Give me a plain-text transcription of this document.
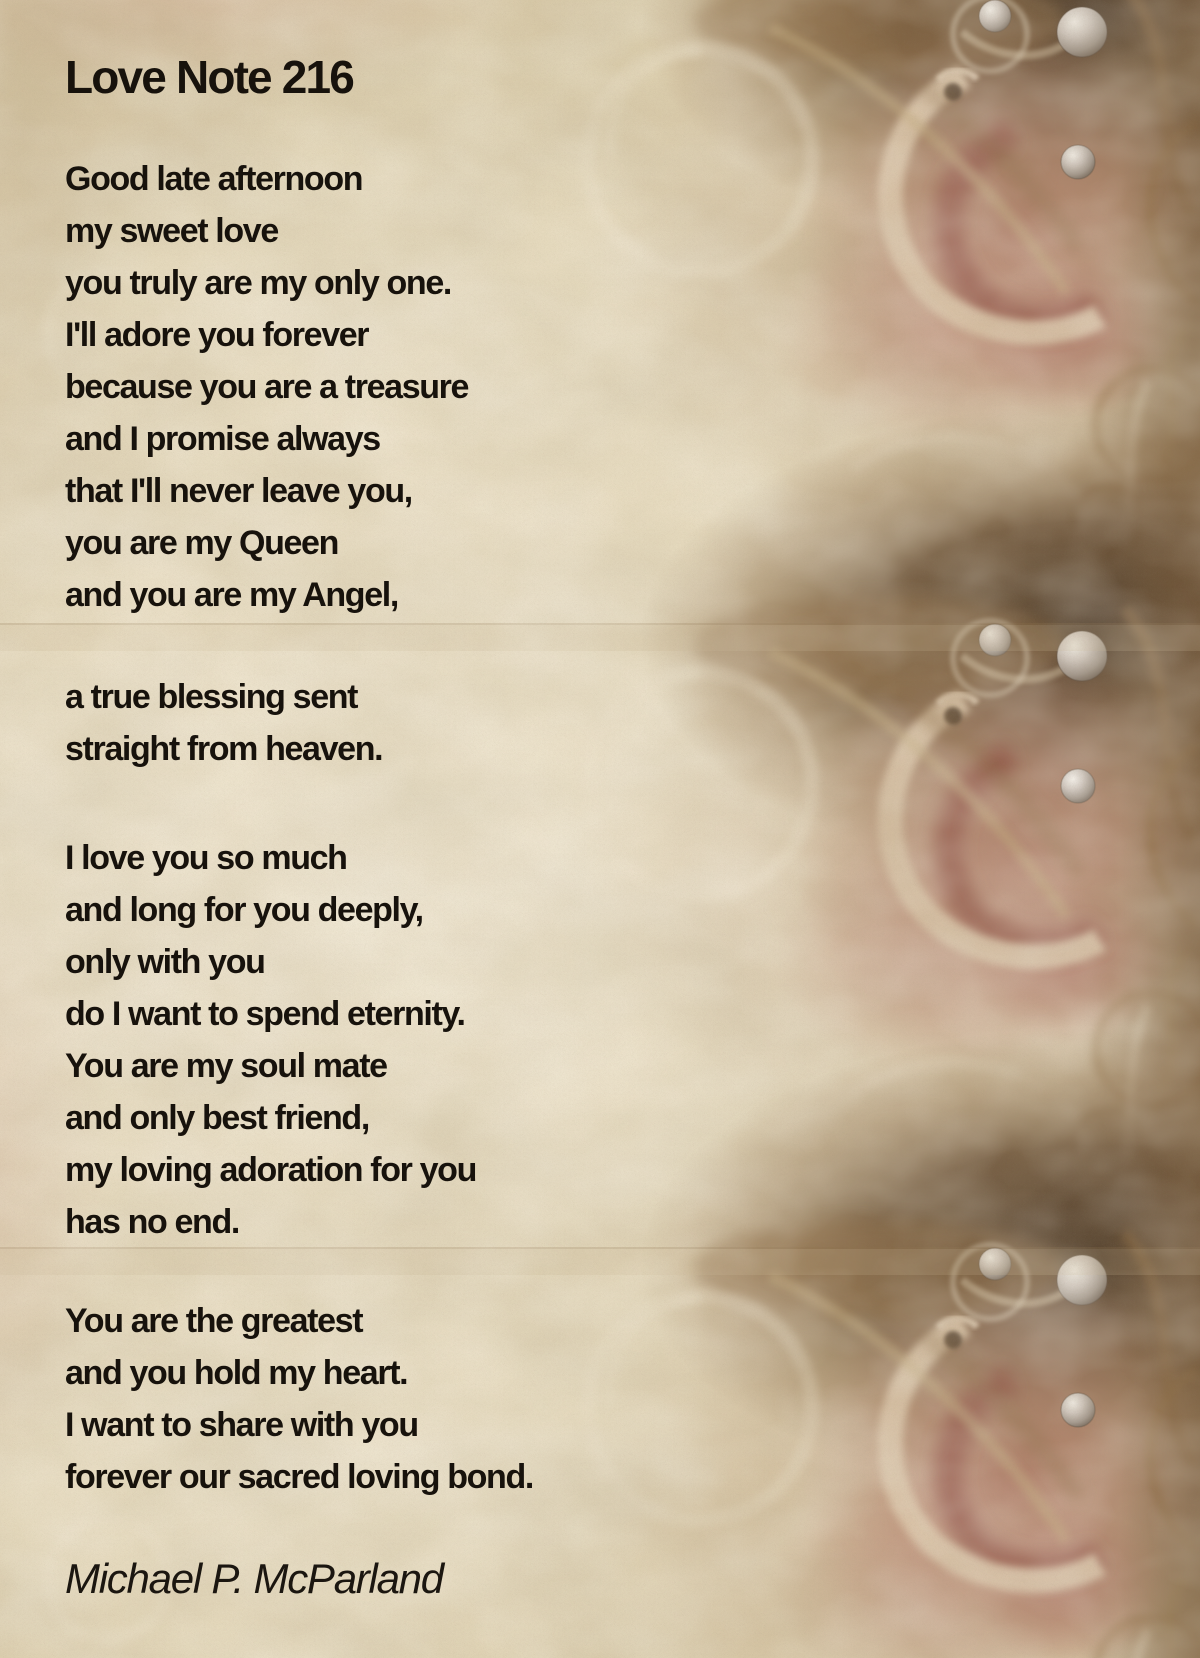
Love Note 216
Good late afternoon
my sweet love
you truly are my only one.
I'll adore you forever
because you are a treasure
and I promise always
that I'll never leave you,
you are my Queen
and you are my Angel,
a true blessing sent
straight from heaven.
I love you so much
and long for you deeply,
only with you
do I want to spend eternity.
You are my soul mate
and only best friend,
my loving adoration for you
has no end.
You are the greatest
and you hold my heart.
I want to share with you
forever our sacred loving bond.
Michael P. McParland
